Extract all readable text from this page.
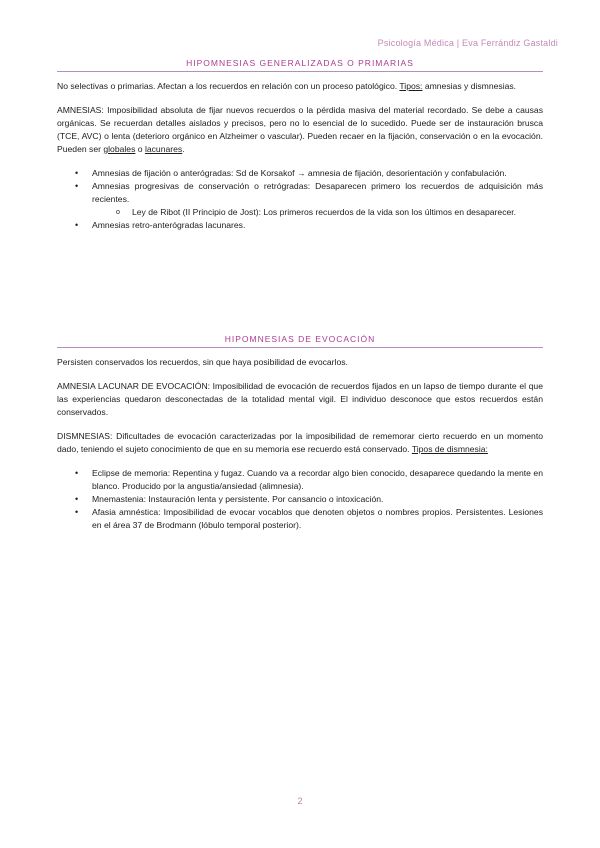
Psicología Médica | Eva Ferrándiz Gastaldi
HIPOMNESIAS GENERALIZADAS O PRIMARIAS

No selectivas o primarias. Afectan a los recuerdos en relación con un proceso patológico. Tipos: amnesias y dismnesias.

AMNESIAS: Imposibilidad absoluta de fijar nuevos recuerdos o la pérdida masiva del material recordado. Se debe a causas orgánicas. Se recuerdan detalles aislados y precisos, pero no lo esencial de lo sucedido. Puede ser de instauración brusca (TCE, AVC) o lenta (deterioro orgánico en Alzheimer o vascular). Pueden recaer en la fijación, conservación o en la evocación. Pueden ser globales o lacunares.

• Amnesias de fijación o anterógradas: Sd de Korsakof → amnesia de fijación, desorientación y confabulación.
• Amnesias progresivas de conservación o retrógradas: Desaparecen primero los recuerdos de adquisición más recientes.
o Ley de Ribot (II Principio de Jost): Los primeros recuerdos de la vida son los últimos en desaparecer.
• Amnesias retro-anterógradas lacunares.
HIPOMNESIAS DE EVOCACIÓN

Persisten conservados los recuerdos, sin que haya posibilidad de evocarlos.

AMNESIA LACUNAR DE EVOCACIÓN: Imposibilidad de evocación de recuerdos fijados en un lapso de tiempo durante el que las experiencias quedaron desconectadas de la totalidad mental vigil. El individuo desconoce que estos recuerdos están conservados.

DISMNESIAS: Dificultades de evocación caracterizadas por la imposibilidad de rememorar cierto recuerdo en un momento dado, teniendo el sujeto conocimiento de que en su memoria ese recuerdo está conservado. Tipos de dismnesia:

• Eclipse de memoria: Repentina y fugaz. Cuando va a recordar algo bien conocido, desaparece quedando la mente en blanco. Producido por la angustia/ansiedad (alimnesia).
• Mnemastenia: Instauración lenta y persistente. Por cansancio o intoxicación.
• Afasia amnéstica: Imposibilidad de evocar vocablos que denoten objetos o nombres propios. Persistentes. Lesiones en el área 37 de Brodmann (lóbulo temporal posterior).
2
